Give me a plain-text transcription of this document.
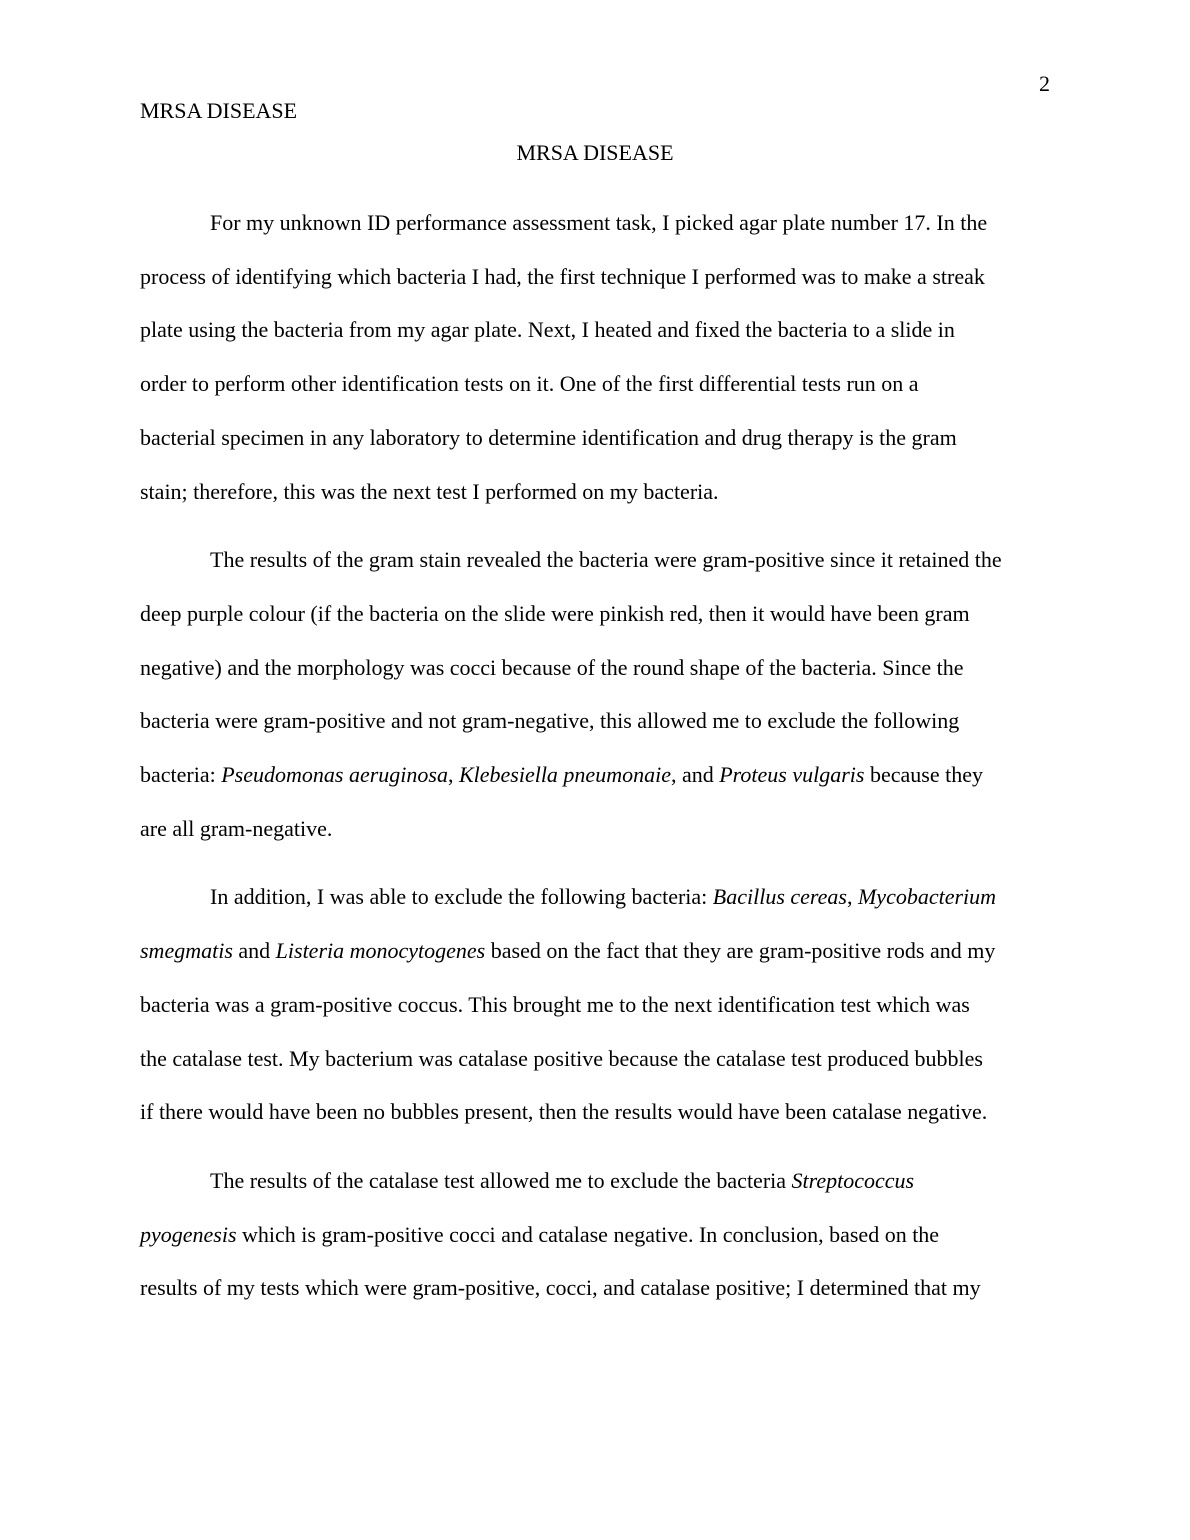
2
MRSA DISEASE
MRSA DISEASE
For my unknown ID performance assessment task, I picked agar plate number 17. In the
process of identifying which bacteria I had, the first technique I performed was to make a streak
plate using the bacteria from my agar plate. Next, I heated and fixed the bacteria to a slide in
order to perform other identification tests on it. One of the first differential tests run on a
bacterial specimen in any laboratory to determine identification and drug therapy is the gram
stain; therefore, this was the next test I performed on my bacteria.
The results of the gram stain revealed the bacteria were gram-positive since it retained the
deep purple colour (if the bacteria on the slide were pinkish red, then it would have been gram
negative) and the morphology was cocci because of the round shape of the bacteria. Since the
bacteria were gram-positive and not gram-negative, this allowed me to exclude the following
bacteria: Pseudomonas aeruginosa, Klebesiella pneumonaie, and Proteus vulgaris because they
are all gram-negative.
In addition, I was able to exclude the following bacteria: Bacillus cereas, Mycobacterium
smegmatis and Listeria monocytogenes based on the fact that they are gram-positive rods and my
bacteria was a gram-positive coccus. This brought me to the next identification test which was
the catalase test. My bacterium was catalase positive because the catalase test produced bubbles
if there would have been no bubbles present, then the results would have been catalase negative.
The results of the catalase test allowed me to exclude the bacteria Streptococcus
pyogenesis which is gram-positive cocci and catalase negative. In conclusion, based on the
results of my tests which were gram-positive, cocci, and catalase positive; I determined that my
